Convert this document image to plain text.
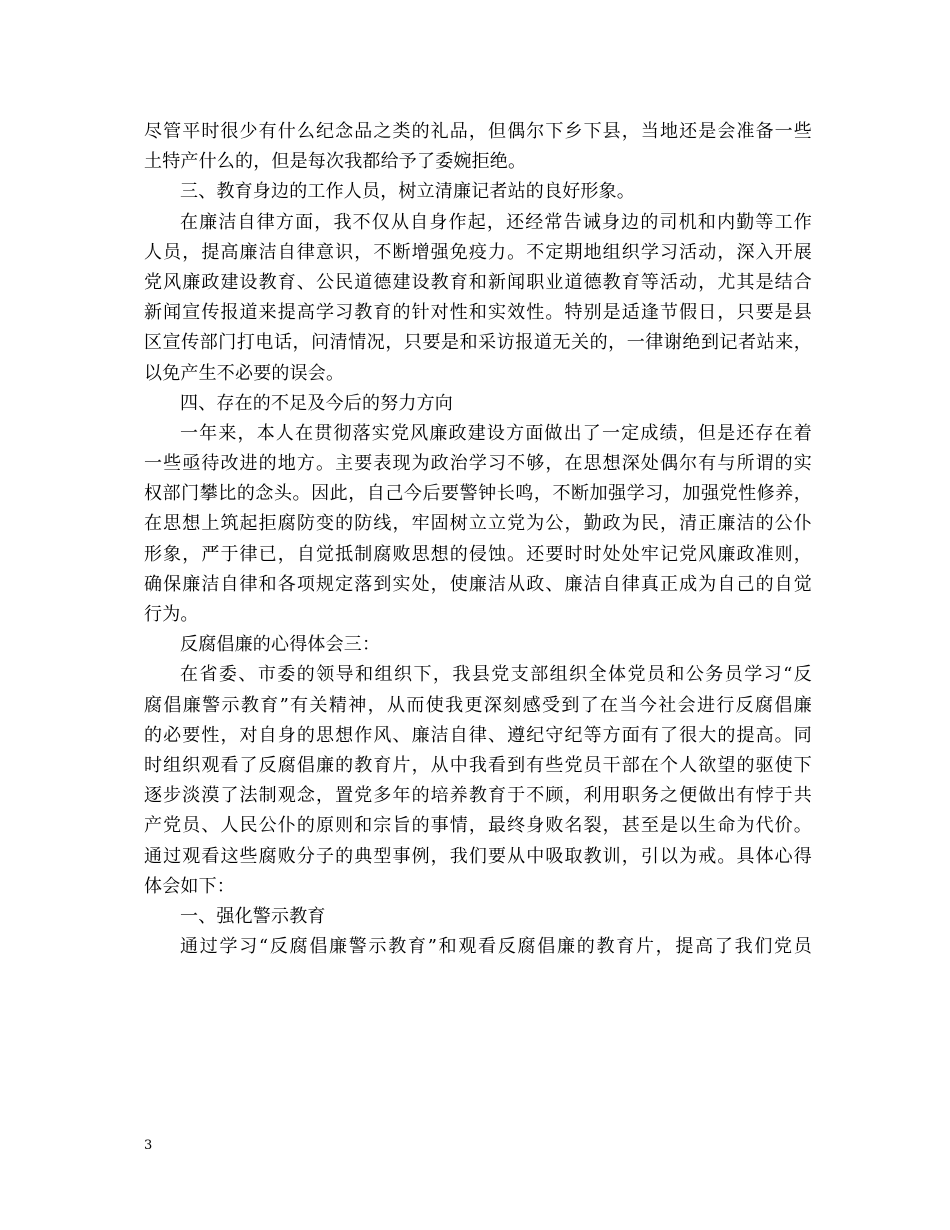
尽管平时很少有什么纪念品之类的礼品，但偶尔下乡下县，当地还是会准备一些
土特产什么的，但是每次我都给予了委婉拒绝。
三、教育身边的工作人员，树立清廉记者站的良好形象。
在廉洁自律方面，我不仅从自身作起，还经常告诫身边的司机和内勤等工作
人员，提高廉洁自律意识，不断增强免疫力。不定期地组织学习活动，深入开展
党风廉政建设教育、公民道德建设教育和新闻职业道德教育等活动，尤其是结合
新闻宣传报道来提高学习教育的针对性和实效性。特别是适逢节假日，只要是县
区宣传部门打电话，问清情况，只要是和采访报道无关的，一律谢绝到记者站来，
以免产生不必要的误会。
四、存在的不足及今后的努力方向
一年来，本人在贯彻落实党风廉政建设方面做出了一定成绩，但是还存在着
一些亟待改进的地方。主要表现为政治学习不够，在思想深处偶尔有与所谓的实
权部门攀比的念头。因此，自己今后要警钟长鸣，不断加强学习，加强党性修养，
在思想上筑起拒腐防变的防线，牢固树立立党为公，勤政为民，清正廉洁的公仆
形象，严于律已，自觉抵制腐败思想的侵蚀。还要时时处处牢记党风廉政准则，
确保廉洁自律和各项规定落到实处，使廉洁从政、廉洁自律真正成为自己的自觉
行为。
反腐倡廉的心得体会三：
在省委、市委的领导和组织下，我县党支部组织全体党员和公务员学习“反
腐倡廉警示教育”有关精神，从而使我更深刻感受到了在当今社会进行反腐倡廉
的必要性，对自身的思想作风、廉洁自律、遵纪守纪等方面有了很大的提高。同
时组织观看了反腐倡廉的教育片，从中我看到有些党员干部在个人欲望的驱使下
逐步淡漠了法制观念，置党多年的培养教育于不顾，利用职务之便做出有悖于共
产党员、人民公仆的原则和宗旨的事情，最终身败名裂，甚至是以生命为代价。
通过观看这些腐败分子的典型事例，我们要从中吸取教训，引以为戒。具体心得
体会如下：
一、强化警示教育
通过学习“反腐倡廉警示教育”和观看反腐倡廉的教育片，提高了我们党员
3
